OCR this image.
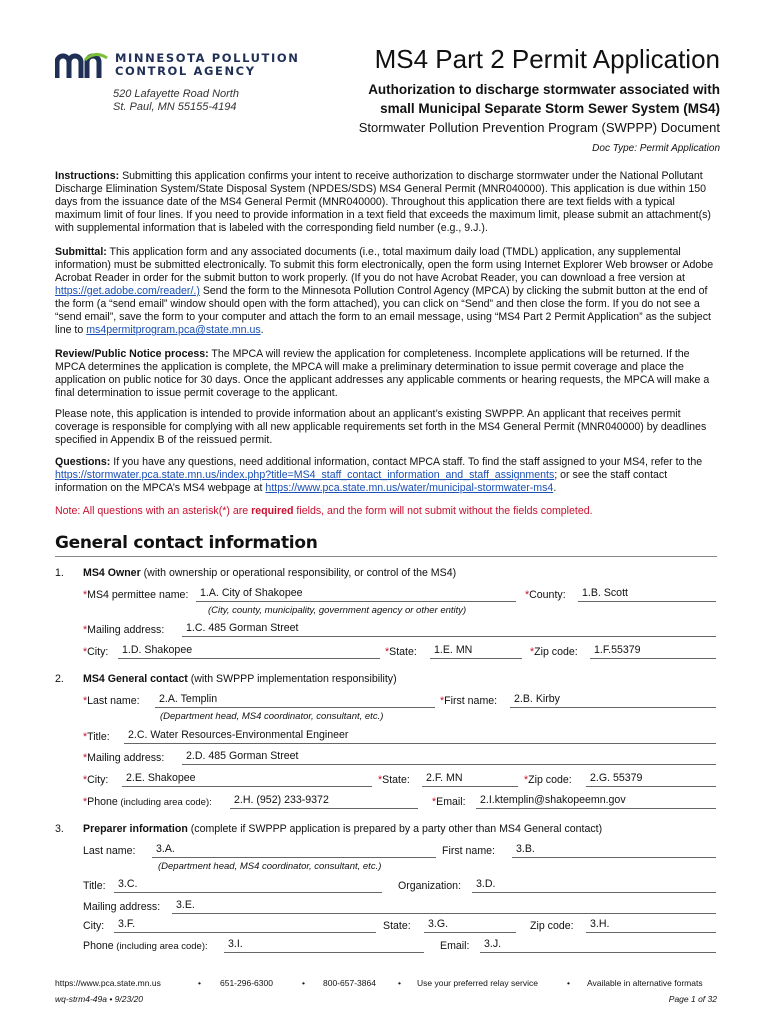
MINNESOTA POLLUTION
CONTROL AGENCY
520 Lafayette Road North
St. Paul, MN 55155-4194
MS4 Part 2 Permit Application
Authorization to discharge stormwater associated with
small Municipal Separate Storm Sewer System (MS4)
Stormwater Pollution Prevention Program (SWPPP) Document
Doc Type: Permit Application
Instructions: Submitting this application confirms your intent to receive authorization to discharge stormwater under the National Pollutant Discharge Elimination System/State Disposal System (NPDES/SDS) MS4 General Permit (MNR040000). This application is due within 150 days from the issuance date of the MS4 General Permit (MNR040000). Throughout this application there are text fields with a typical maximum limit of four lines. If you need to provide information in a text field that exceeds the maximum limit, please submit an attachment(s) with supplemental information that is labeled with the corresponding field number (e.g., 9.J.).
Submittal: This application form and any associated documents (i.e., total maximum daily load (TMDL) application, any supplemental information) must be submitted electronically. To submit this form electronically, open the form using Internet Explorer Web browser or Adobe Acrobat Reader in order for the submit button to work properly. (If you do not have Acrobat Reader, you can download a free version at https://get.adobe.com/reader/.) Send the form to the Minnesota Pollution Control Agency (MPCA) by clicking the submit button at the end of the form (a “send email” window should open with the form attached), you can click on “Send” and then close the form. If you do not see a “send email”, save the form to your computer and attach the form to an email message, using “MS4 Part 2 Permit Application” as the subject line to ms4permitprogram.pca@state.mn.us.
Review/Public Notice process: The MPCA will review the application for completeness. Incomplete applications will be returned. If the MPCA determines the application is complete, the MPCA will make a preliminary determination to issue permit coverage and place the application on public notice for 30 days. Once the applicant addresses any applicable comments or hearing requests, the MPCA will make a final determination to issue permit coverage to the applicant.
Please note, this application is intended to provide information about an applicant’s existing SWPPP. An applicant that receives permit coverage is responsible for complying with all new applicable requirements set forth in the MS4 General Permit (MNR040000) by deadlines specified in Appendix B of the reissued permit.
Questions: If you have any questions, need additional information, contact MPCA staff. To find the staff assigned to your MS4, refer to the https://stormwater.pca.state.mn.us/index.php?title=MS4_staff_contact_information_and_staff_assignments; or see the staff contact information on the MPCA’s MS4 webpage at https://www.pca.state.mn.us/water/municipal-stormwater-ms4.
Note: All questions with an asterisk(*) are required fields, and the form will not submit without the fields completed.
General contact information
1. MS4 Owner (with ownership or operational responsibility, or control of the MS4)
*MS4 permittee name:	1.A. City of Shakopee	*County:	1.B. Scott
(City, county, municipality, government agency or other entity)
*Mailing address:	1.C. 485 Gorman Street
*City:	1.D. Shakopee	*State:	1.E. MN	*Zip code:	1.F.55379
2. MS4 General contact (with SWPPP implementation responsibility)
*Last name:	2.A. Templin	*First name:	2.B. Kirby
(Department head, MS4 coordinator, consultant, etc.)
*Title:	2.C. Water Resources-Environmental Engineer
*Mailing address:	2.D. 485 Gorman Street
*City:	2.E. Shakopee	*State:	2.F. MN	*Zip code:	2.G. 55379
*Phone (including area code):	2.H. (952) 233-9372	*Email:	2.I.ktemplin@shakopeemn.gov
3. Preparer information (complete if SWPPP application is prepared by a party other than MS4 General contact)
Last name:	3.A.	First name:	3.B.
(Department head, MS4 coordinator, consultant, etc.)
Title:	3.C.	Organization:	3.D.
Mailing address:	3.E.
City:	3.F.	State:	3.G.	Zip code:	3.H.
Phone (including area code):	3.I.	Email:	3.J.
https://www.pca.state.mn.us	• 651-296-6300	• 800-657-3864	• Use your preferred relay service	• Available in alternative formats
wq-strm4-49a • 9/23/20	Page 1 of 32
